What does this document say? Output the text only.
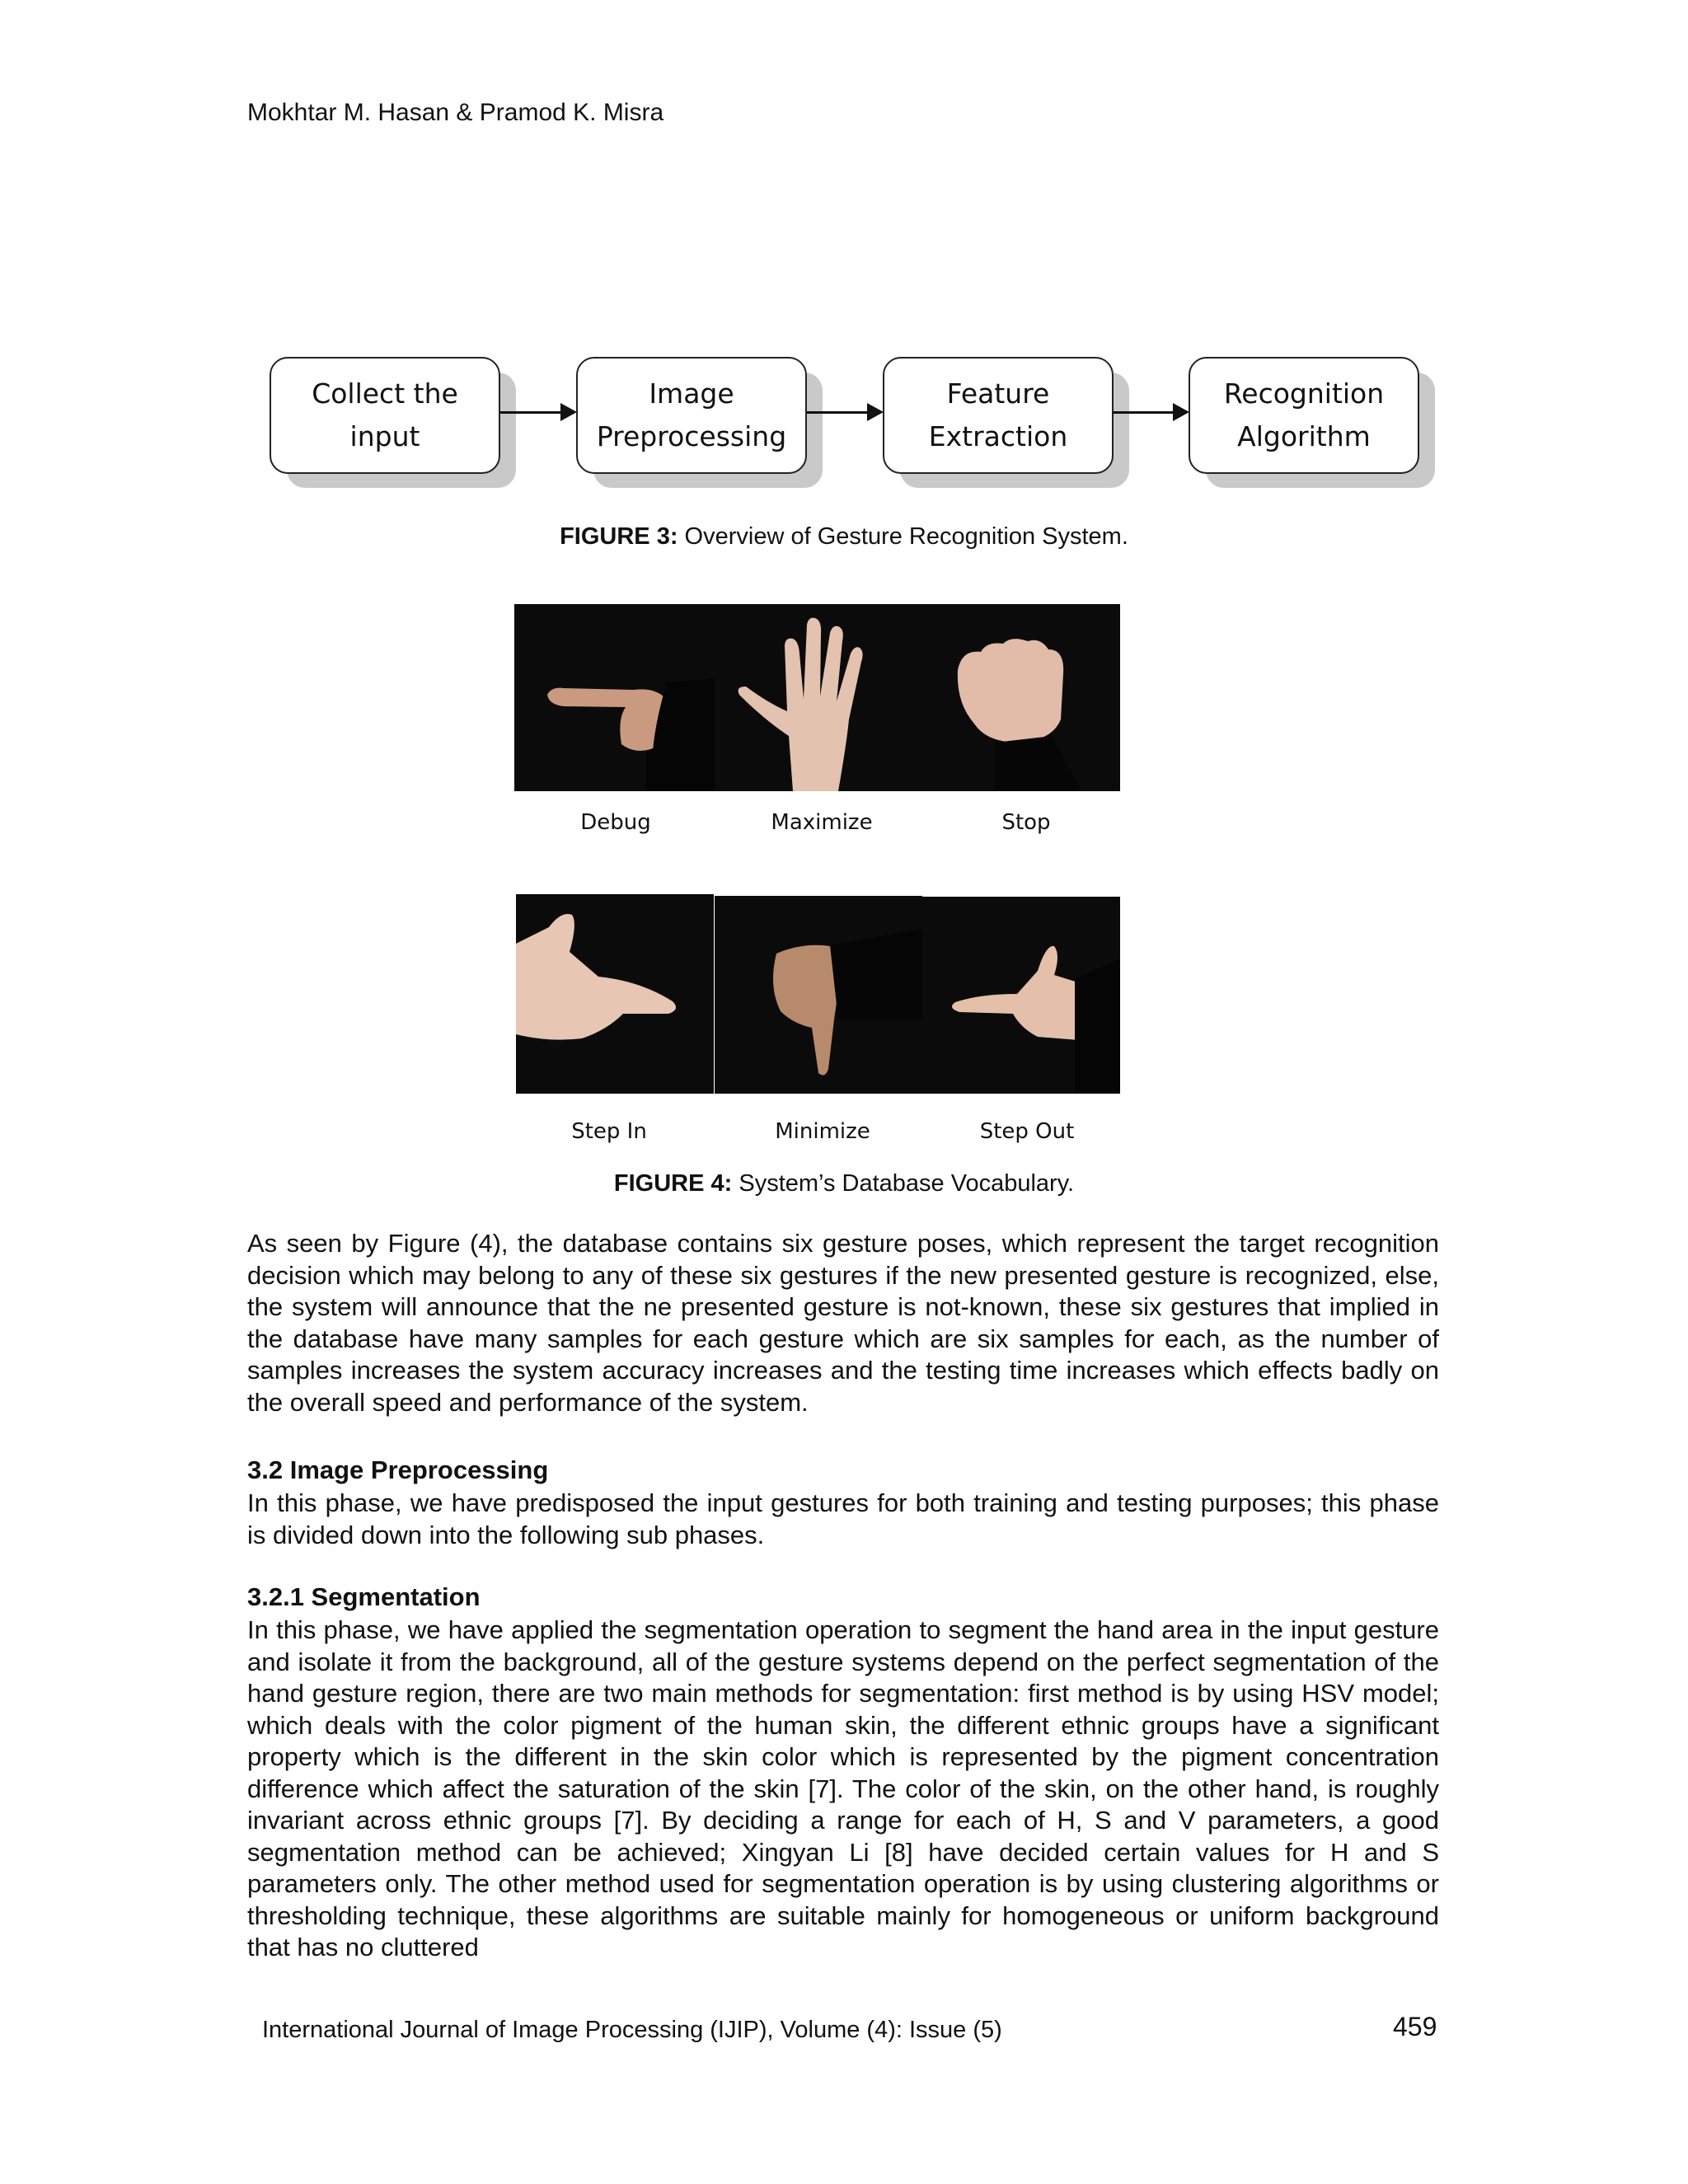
Mokhtar M. Hasan & Pramod K. Misra
Collect the
input
Image
Preprocessing
Feature
Extraction
Recognition
Algorithm
FIGURE 3: Overview of Gesture Recognition System.
Debug	Maximize	Stop
Step In	Minimize	Step Out
FIGURE 4: System’s Database Vocabulary.

As seen by Figure (4), the database contains six gesture poses, which represent the target recognition decision which may belong to any of these six gestures if the new presented gesture is recognized, else, the system will announce that the ne presented gesture is not-known, these six gestures that implied in the database have many samples for each gesture which are six samples for each, as the number of samples increases the system accuracy increases and the testing time increases which effects badly on the overall speed and performance of the system.

3.2 Image Preprocessing

In this phase, we have predisposed the input gestures for both training and testing purposes; this phase is divided down into the following sub phases.

3.2.1 Segmentation

In this phase, we have applied the segmentation operation to segment the hand area in the input gesture and isolate it from the background, all of the gesture systems depend on the perfect segmentation of the hand gesture region, there are two main methods for segmentation: first method is by using HSV model; which deals with the color pigment of the human skin, the different ethnic groups have a significant property which is the different in the skin color which is represented by the pigment concentration difference which affect the saturation of the skin [7]. The color of the skin, on the other hand, is roughly invariant across ethnic groups [7]. By deciding a range for each of H, S and V parameters, a good segmentation method can be achieved; Xingyan Li [8] have decided certain values for H and S parameters only. The other method used for segmentation operation is by using clustering algorithms or thresholding technique, these algorithms are suitable mainly for homogeneous or uniform background that has no cluttered

International Journal of Image Processing (IJIP), Volume (4): Issue (5)	459
